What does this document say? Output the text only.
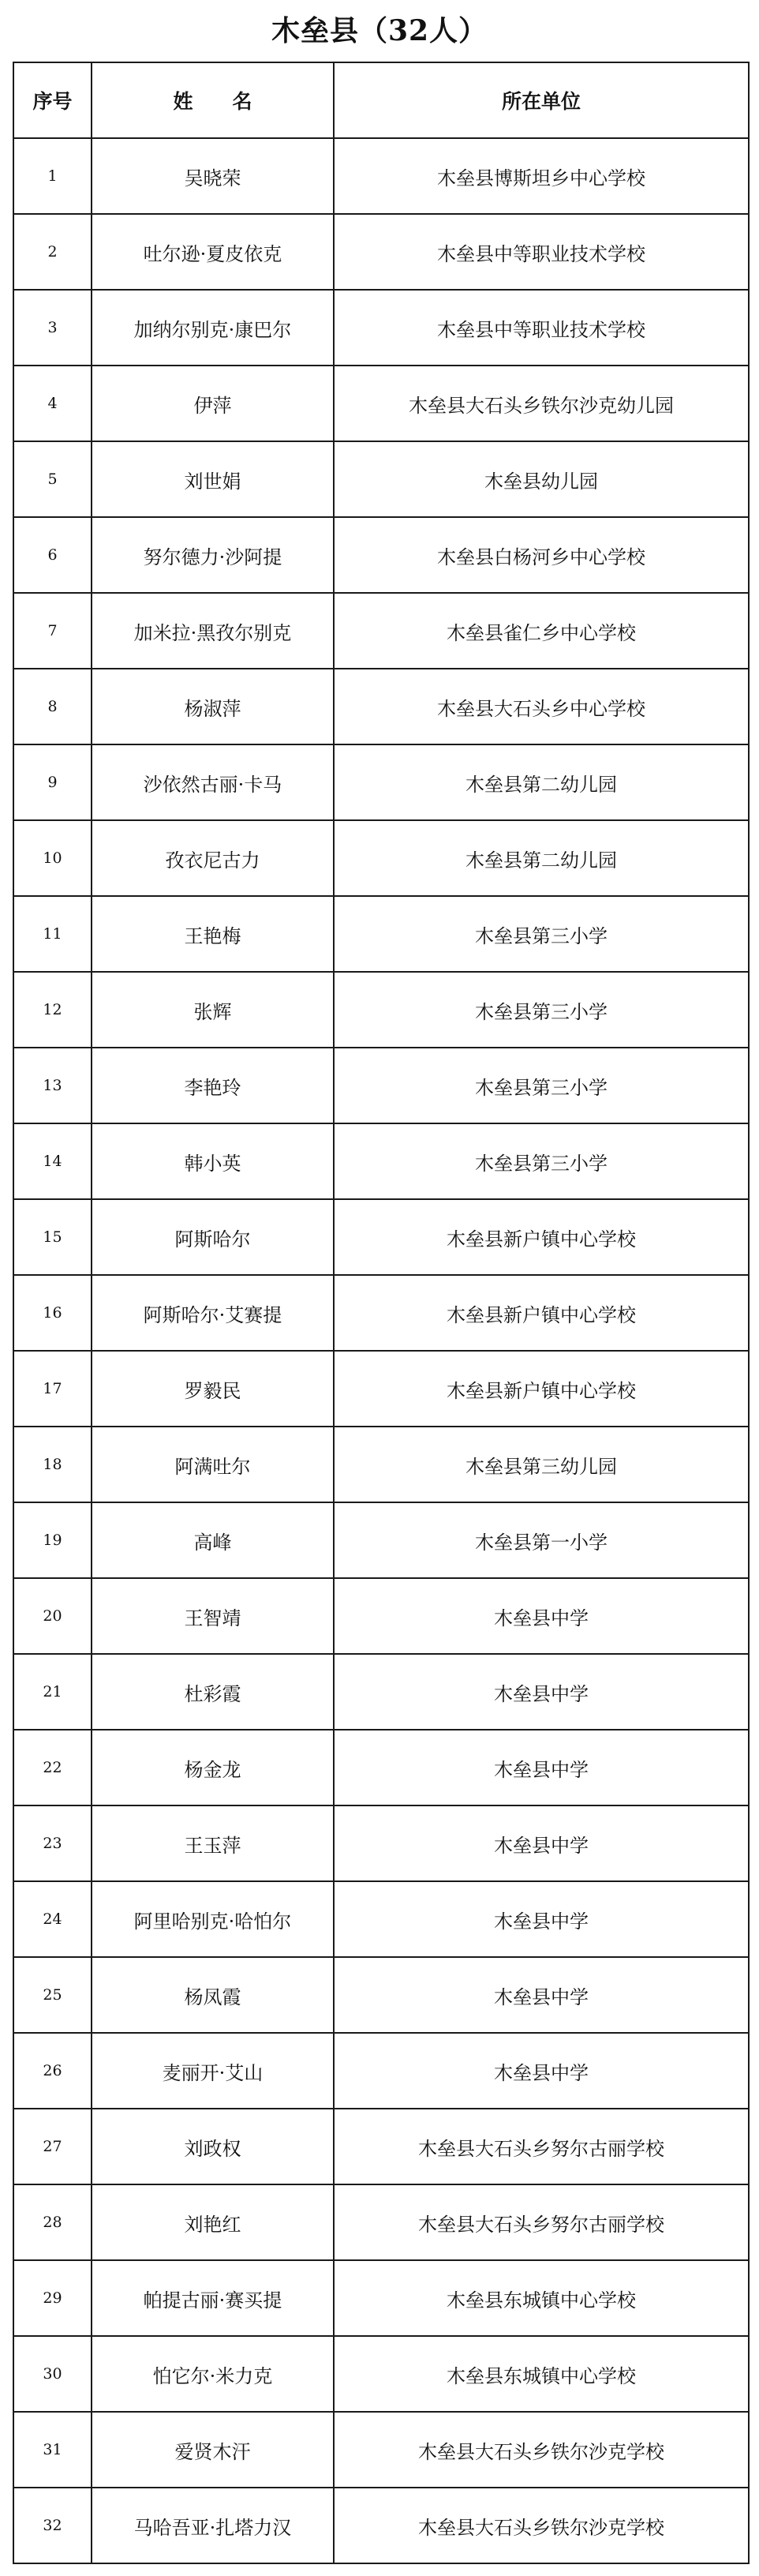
木垒县（32人）
序号	姓　　名	所在单位
1	吴晓荣	木垒县博斯坦乡中心学校
2	吐尔逊·夏皮依克	木垒县中等职业技术学校
3	加纳尔别克·康巴尔	木垒县中等职业技术学校
4	伊萍	木垒县大石头乡铁尔沙克幼儿园
5	刘世娟	木垒县幼儿园
6	努尔德力·沙阿提	木垒县白杨河乡中心学校
7	加米拉·黑孜尔别克	木垒县雀仁乡中心学校
8	杨淑萍	木垒县大石头乡中心学校
9	沙依然古丽·卡马	木垒县第二幼儿园
10	孜衣尼古力	木垒县第二幼儿园
11	王艳梅	木垒县第三小学
12	张辉	木垒县第三小学
13	李艳玲	木垒县第三小学
14	韩小英	木垒县第三小学
15	阿斯哈尔	木垒县新户镇中心学校
16	阿斯哈尔·艾赛提	木垒县新户镇中心学校
17	罗毅民	木垒县新户镇中心学校
18	阿满吐尔	木垒县第三幼儿园
19	高峰	木垒县第一小学
20	王智靖	木垒县中学
21	杜彩霞	木垒县中学
22	杨金龙	木垒县中学
23	王玉萍	木垒县中学
24	阿里哈别克·哈怕尔	木垒县中学
25	杨凤霞	木垒县中学
26	麦丽开·艾山	木垒县中学
27	刘政权	木垒县大石头乡努尔古丽学校
28	刘艳红	木垒县大石头乡努尔古丽学校
29	帕提古丽·赛买提	木垒县东城镇中心学校
30	怕它尔·米力克	木垒县东城镇中心学校
31	爱贤木汗	木垒县大石头乡铁尔沙克学校
32	马哈吾亚·扎塔力汉	木垒县大石头乡铁尔沙克学校
